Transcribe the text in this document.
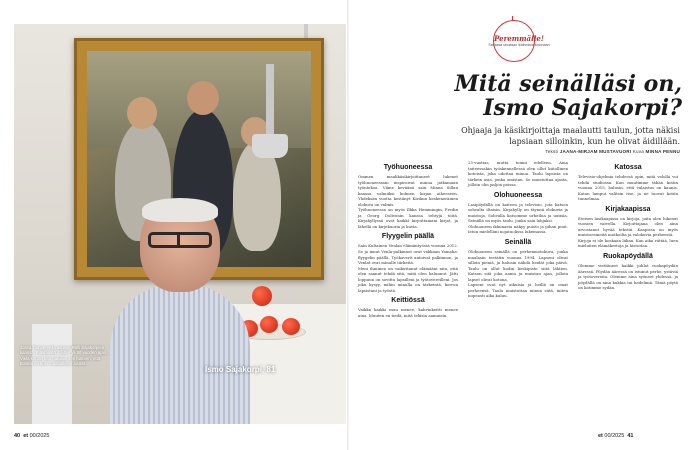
Jossa Tampereella asuivat Ralli Sajakorpien kanssa, maalausta ihailtiin yli 50 vuoden ajan. Vielä kerran hän haluaisi sen tunteen, että kotona on kuin maalauksen sisällä.
Ismo Sajakorpi, 81
40 et 00/2025
Peremmälle!
Sarjassa tavataan ikäihmisiä kotonaan
Mitä seinälläsi on,
Ismo Sajakorpi?
Ohjaaja ja käsikirjoittaja maalautti taulun, jotta näkisi
lapsiaan silloinkin, kun he olivat äidillään.
Teksti JAANA-MIRJAM MUSTAVUORI Kuva MINNA PENNU
Työhuoneessa

Ommen maalikäsikirjoittaneet lukenet työhuoneessani inspiroivat minua jatkamaan työntekoa. Viime keväänä sain Minna Sillan kanssa valmiiksi kolmen kirjan aiheeseen. Yhdeksän vuotta kestänyt Kirikun keskeneräinen elokuva on valmis.

Työhuoneessa on myös Ilkka Hemmingin, Fredin ja Georg Dolivonin kanssa tehtyjä töitä. Kirjahyllyssä ovat kaikki kirjoittamani kirjat, ja lähellä on kirjekuoria ja kuvia.

Flyygelin päällä

Sain Kultainen Venlan elämäntyöstä vuonna 2012. Se ja muut Venla-palkinnot ovat vakkaan Yamaha-flyygelin päällä. Työkaverit antoivat palkinnon, ja Venlat ovat minulle tärkeitä.

Meni ihminen on vaikuttanut elämääni niin, että olen saanut tehdä sitä, mitä olen halunnut. Jätti loppuun on sovittu lapsilleni ja työtovereilleni. Jos joku kysyy, mihin minulla on tärkeintä, kerron lapsistani ja työstä.

Keittiössä

Vaikka kaikki muu menee, kahvinkeitti menee aina. Muuten en tiedä, mitä tekisin aamuisin.

25-vuotias, mutta toimii edelleen. Aina taiteessakin työskennellessä olen ollut kiitollinen kotoista, joka odottaa minua. Taulu lapsista on tärkein asia, jonka omistan. Se muistuttaa ajasta, jolloin olin paljon poissa.

Olohuoneessa

Lasipöydällä on kaiteen ja televisio, jota katson sohvalta iltaisin. Kirjahylly on täynnä elokuvia ja muistoja. Sohvalla katsomme urheilua ja uutisia. Seinällä on myös taulu, jonka sain lahjaksi.

Olohuoneen ikkunasta näkyy puisto ja pihan puut. Istun mielelläni nojatuolissa lukemassa.

Seinällä

Olohuoneen seinällä on perhemuotokuva, jonka maalasin teetätin vuonna 1994. Lapseni olivat silloin pieniä, ja halusin nähdä heidät joka päivä. Taulu on ollut kodin keskipiste siitä lähtien. Katson sitä joka aamu ja muistan ajan, jolloin lapset olivat kotona.

Lapseni ovat nyt aikuisia ja heillä on omat perheensä. Taulu muistuttaa minua siitä, miten nopeasti aika kuluu.

Katossa

Televisio-ohjelmia tehdessä opin, mitä valolla voi tehdä studiossa. Kun muutimme tähän kotiin vuonna 2015, halusin, että valaistus on kaunis. Katon lamput valitsin itse, ja ne tuovat kotiin tunnelmaa.

Kirjakaapissa

Eteisen lasikaapissa on kirjoja, joita olen lukenut vuosien varrella. Kirjoittajana olen aina arvostanut hyvää tekstiä. Kaapissa on myös muistoesineitä matkoilta ja valokuvia perheestä.

Kirjoja ei ole koskaan liikaa. Kun aika riittää, luen mieluiten elämäkertoja ja historiaa.

Ruokapöydällä

Olemme viettäneet kaikki juhlat ruokapöydän ääressä. Pöydän ääressä on istunut perhe, ystäviä ja työtovereita. Olemme aina syöneet yhdessä, ja pöydällä on aina kukkia tai hedelmiä. Tämä pöytä on kotimme sydän.

et 00/2025 41
